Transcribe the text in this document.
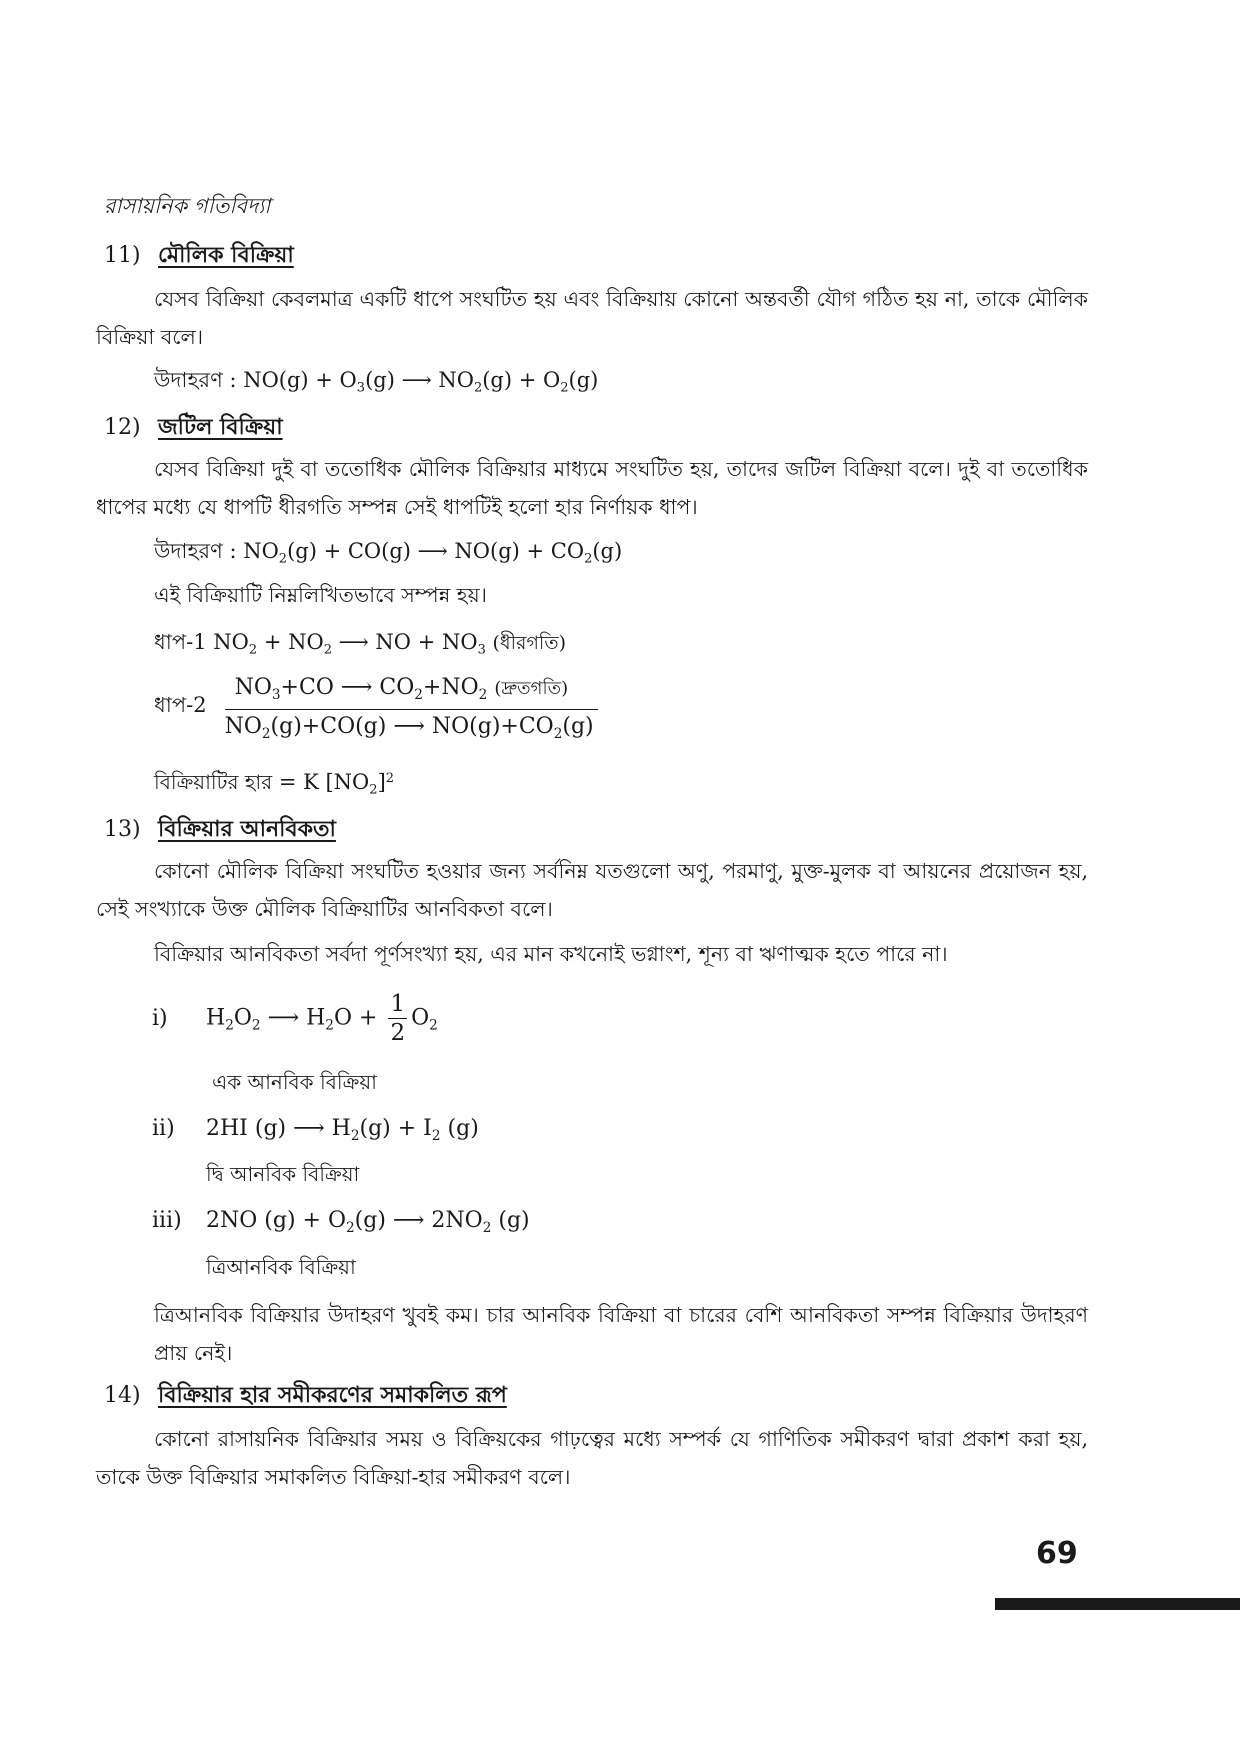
রাসায়নিক গতিবিদ্যা
11) মৌলিক বিক্রিয়া
যেসব বিক্রিয়া কেবলমাত্র একটি ধাপে সংঘটিত হয় এবং বিক্রিয়ায় কোনো অন্তবর্তী যৌগ গঠিত হয় না, তাকে মৌলিক বিক্রিয়া বলে।
উদাহরণ : $NO(g) + O_3(g)$ ⟶ $NO_2(g) + O_2(g)$
12) জটিল বিক্রিয়া
যেসব বিক্রিয়া দুই বা ততোধিক মৌলিক বিক্রিয়ার মাধ্যমে সংঘটিত হয়, তাদের জটিল বিক্রিয়া বলে। দুই বা ততোধিক ধাপের মধ্যে যে ধাপটি ধীরগতি সম্পন্ন সেই ধাপটিই হলো হার নির্ণায়ক ধাপ।
উদাহরণ : $NO_2(g) + CO(g)$ ⟶ $NO(g) + CO_2(g)$
এই বিক্রিয়াটি নিম্নলিখিতভাবে সম্পন্ন হয়।
ধাপ-1 $NO_2 + NO_2$ ⟶ NO + $NO_3$ (ধীরগতি)
ধাপ-2
$NO_3+CO$ ⟶ $CO_2+NO_2$ (দ্রুতগতি)
$NO_2(g)+CO(g)$ ⟶ $NO(g)+CO_2(g)$
বিক্রিয়াটির হার = K $[NO_2]^2$
13) বিক্রিয়ার আনবিকতা
কোনো মৌলিক বিক্রিয়া সংঘটিত হওয়ার জন্য সর্বনিম্ন যতগুলো অণু, পরমাণু, মুক্ত-মুলক বা আয়নের প্রয়োজন হয়, সেই সংখ্যাকে উক্ত মৌলিক বিক্রিয়াটির আনবিকতা বলে।
বিক্রিয়ার আনবিকতা সর্বদা পূর্ণসংখ্যা হয়, এর মান কখনোই ভগ্নাংশ, শূন্য বা ঋণাত্মক হতে পারে না।
i) $H_2O_2$ ⟶ $H_2O + \frac{1}{2} O_2$
এক আনবিক বিক্রিয়া
ii) 2HI (g) ⟶ $H_2(g) + I_2$ (g)
দ্বি আনবিক বিক্রিয়া
iii) 2NO $(g) + O_2(g)$ ⟶ $2NO_2$ (g)
ত্রিআনবিক বিক্রিয়া
ত্রিআনবিক বিক্রিয়ার উদাহরণ খুবই কম। চার আনবিক বিক্রিয়া বা চারের বেশি আনবিকতা সম্পন্ন বিক্রিয়ার উদাহরণ প্রায় নেই।
14) বিক্রিয়ার হার সমীকরণের সমাকলিত রূপ
কোনো রাসায়নিক বিক্রিয়ার সময় ও বিক্রিয়কের গাঢ়ত্বের মধ্যে সম্পর্ক যে গাণিতিক সমীকরণ দ্বারা প্রকাশ করা হয়, তাকে উক্ত বিক্রিয়ার সমাকলিত বিক্রিয়া-হার সমীকরণ বলে।
69
